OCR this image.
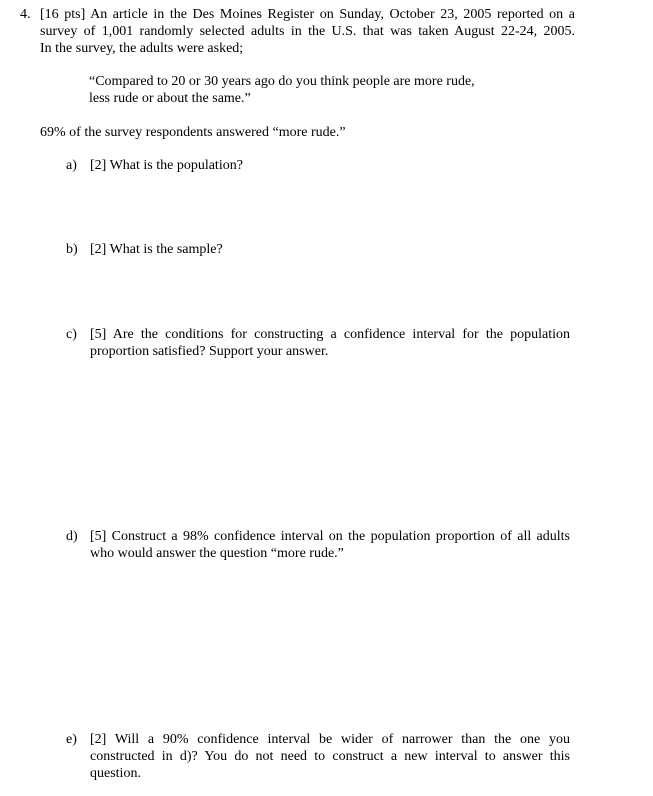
4. [16 pts] An article in the Des Moines Register on Sunday, October 23, 2005 reported on a
survey of 1,001 randomly selected adults in the U.S. that was taken August 22-24, 2005.
In the survey, the adults were asked;
“Compared to 20 or 30 years ago do you think people are more rude,
less rude or about the same.”
69% of the survey respondents answered “more rude.”
a) [2] What is the population?
b) [2] What is the sample?
c) [5] Are the conditions for constructing a confidence interval for the population
proportion satisfied? Support your answer.
d) [5] Construct a 98% confidence interval on the population proportion of all adults
who would answer the question “more rude.”
e) [2] Will a 90% confidence interval be wider of narrower than the one you
constructed in d)? You do not need to construct a new interval to answer this
question.
